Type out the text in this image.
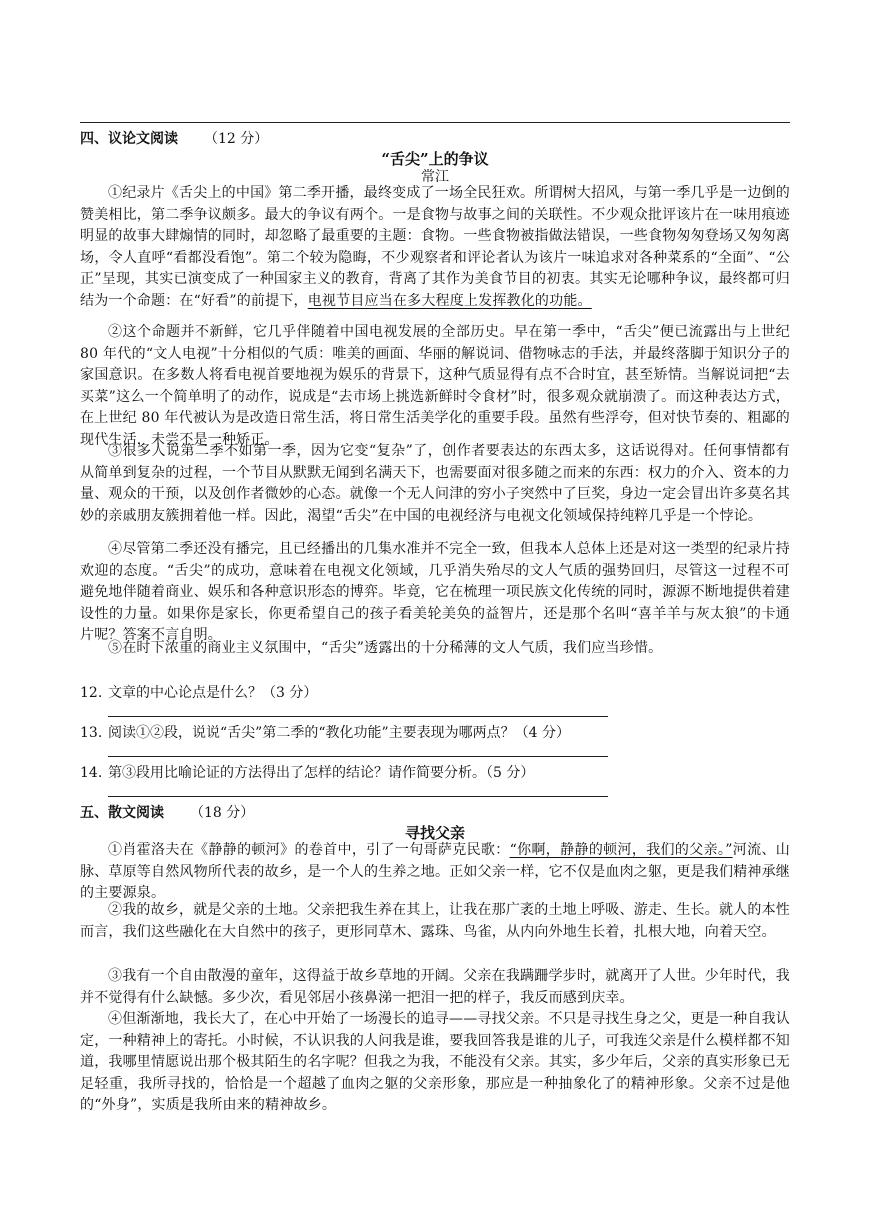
四、议论文阅读 （12 分）
“舌尖”上的争议
常江
①纪录片《舌尖上的中国》第二季开播，最终变成了一场全民狂欢。所谓树大招风，与第一季几乎是一边倒的赞美相比，第二季争议颇多。最大的争议有两个。一是食物与故事之间的关联性。不少观众批评该片在一味用痕迹明显的故事大肆煽情的同时，却忽略了最重要的主题：食物。一些食物被指做法错误，一些食物匆匆登场又匆匆离场，令人直呼“看都没看饱”。第二个较为隐晦，不少观察者和评论者认为该片一味追求对各种菜系的“全面”、“公正”呈现，其实已演变成了一种国家主义的教育，背离了其作为美食节目的初衷。其实无论哪种争议，最终都可归结为一个命题：在“好看”的前提下，电视节目应当在多大程度上发挥教化的功能。
②这个命题并不新鲜，它几乎伴随着中国电视发展的全部历史。早在第一季中，“舌尖”便已流露出与上世纪 80 年代的“文人电视”十分相似的气质：唯美的画面、华丽的解说词、借物咏志的手法，并最终落脚于知识分子的家国意识。在多数人将看电视首要地视为娱乐的背景下，这种气质显得有点不合时宜，甚至矫情。当解说词把“去买菜”这么一个简单明了的动作，说成是“去市场上挑选新鲜时令食材”时，很多观众就崩溃了。而这种表达方式，在上世纪 80 年代被认为是改造日常生活，将日常生活美学化的重要手段。虽然有些浮夸，但对快节奏的、粗鄙的现代生活，未尝不是一种矫正。
③很多人说第二季不如第一季，因为它变“复杂”了，创作者要表达的东西太多，这话说得对。任何事情都有从简单到复杂的过程，一个节目从默默无闻到名满天下，也需要面对很多随之而来的东西：权力的介入、资本的力量、观众的干预，以及创作者微妙的心态。就像一个无人问津的穷小子突然中了巨奖，身边一定会冒出许多莫名其妙的亲戚朋友簇拥着他一样。因此，渴望“舌尖”在中国的电视经济与电视文化领域保持纯粹几乎是一个悖论。
④尽管第二季还没有播完，且已经播出的几集水准并不完全一致，但我本人总体上还是对这一类型的纪录片持欢迎的态度。“舌尖”的成功，意味着在电视文化领域，几乎消失殆尽的文人气质的强势回归，尽管这一过程不可避免地伴随着商业、娱乐和各种意识形态的博弈。毕竟，它在梳理一项民族文化传统的同时，源源不断地提供着建设性的力量。如果你是家长，你更希望自己的孩子看美轮美奂的益智片，还是那个名叫“喜羊羊与灰太狼”的卡通片呢？答案不言自明。
⑤在时下浓重的商业主义氛围中，“舌尖”透露出的十分稀薄的文人气质，我们应当珍惜。
12. 文章的中心论点是什么？（3 分）
13. 阅读①②段，说说“舌尖”第二季的“教化功能”主要表现为哪两点？（4 分）
14. 第③段用比喻论证的方法得出了怎样的结论？请作简要分析。（5 分）
五、散文阅读 （18 分）
寻找父亲
①肖霍洛夫在《静静的顿河》的卷首中，引了一句哥萨克民歌：“你啊，静静的顿河，我们的父亲。”河流、山脉、草原等自然风物所代表的故乡，是一个人的生养之地。正如父亲一样，它不仅是血肉之躯，更是我们精神承继的主要源泉。
②我的故乡，就是父亲的土地。父亲把我生养在其上，让我在那广袤的土地上呼吸、游走、生长。就人的本性而言，我们这些融化在大自然中的孩子，更形同草木、露珠、鸟雀，从内向外地生长着，扎根大地，向着天空。
③我有一个自由散漫的童年，这得益于故乡草地的开阔。父亲在我蹒跚学步时，就离开了人世。少年时代，我并不觉得有什么缺憾。多少次，看见邻居小孩鼻涕一把泪一把的样子，我反而感到庆幸。
④但渐渐地，我长大了，在心中开始了一场漫长的追寻——寻找父亲。不只是寻找生身之父，更是一种自我认定，一种精神上的寄托。小时候，不认识我的人问我是谁，要我回答我是谁的儿子，可我连父亲是什么模样都不知道，我哪里情愿说出那个极其陌生的名字呢？但我之为我，不能没有父亲。其实，多少年后，父亲的真实形象已无足轻重，我所寻找的，恰恰是一个超越了血肉之躯的父亲形象，那应是一种抽象化了的精神形象。父亲不过是他的“外身”，实质是我所由来的精神故乡。
